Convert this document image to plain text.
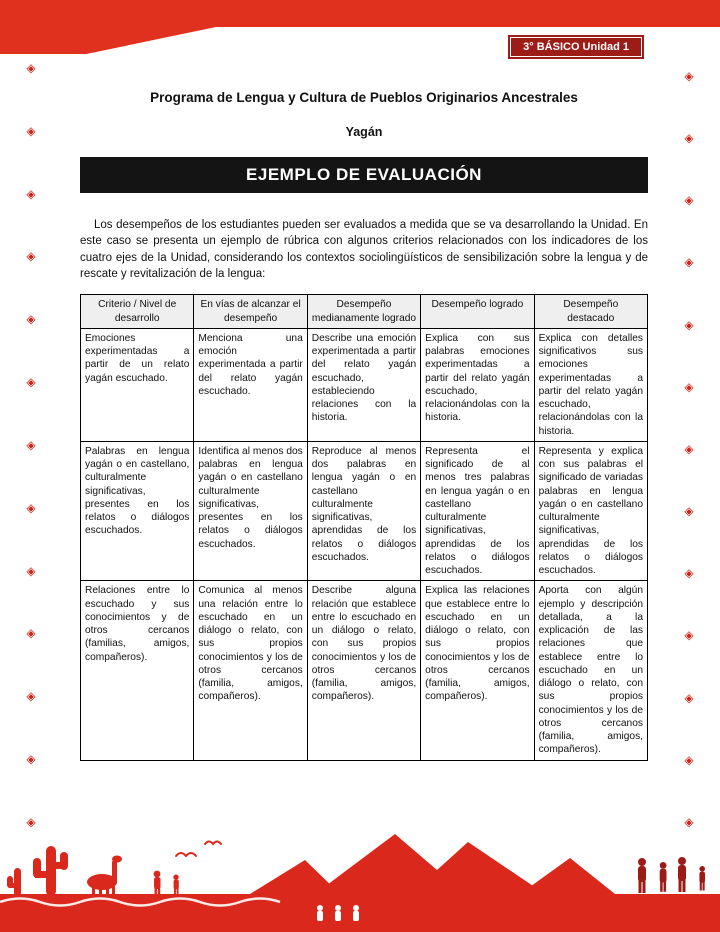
3° BÁSICO Unidad 1
◈
◈
◈
◈
◈
◈
◈
◈
◈
◈
◈
◈
◈
◈
◈
◈
◈
◈
◈
◈
◈
◈
◈
◈
◈
◈
Programa de Lengua y Cultura de Pueblos Originarios Ancestrales
Yagán
EJEMPLO DE EVALUACIÓN

Los desempeños de los estudiantes pueden ser evaluados a medida que se va desarrollando la Unidad. En este caso se presenta un ejemplo de rúbrica con algunos criterios relacionados con los indicadores de los cuatro ejes de la Unidad, considerando los contextos sociolingüísticos de sensibilización sobre la lengua y de rescate y revitalización de la lengua:

Criterio / Nivel de desarrollo	En vías de alcanzar el desempeño	Desempeño medianamente logrado	Desempeño logrado	Desempeño destacado
Emociones experimentadas a partir de un relato yagán escuchado.	Menciona una emoción experimentada a partir del relato yagán escuchado.	Describe una emoción experimentada a partir del relato yagán escuchado, estableciendo relaciones con la historia.	Explica con sus palabras emociones experimentadas a partir del relato yagán escuchado, relacionándolas con la historia.	Explica con detalles significativos sus emociones experimentadas a partir del relato yagán escuchado, relacionándolas con la historia.
Palabras en lengua yagán o en castellano, culturalmente significativas, presentes en los relatos o diálogos escuchados.	Identifica al menos dos palabras en lengua yagán o en castellano culturalmente significativas, presentes en los relatos o diálogos escuchados.	Reproduce al menos dos palabras en lengua yagán o en castellano culturalmente significativas, aprendidas de los relatos o diálogos escuchados.	Representa el significado de al menos tres palabras en lengua yagán o en castellano culturalmente significativas, aprendidas de los relatos o diálogos escuchados.	Representa y explica con sus palabras el significado de variadas palabras en lengua yagán o en castellano culturalmente significativas, aprendidas de los relatos o diálogos escuchados.
Relaciones entre lo escuchado y sus conocimientos y de otros cercanos (familias, amigos, compañeros).	Comunica al menos una relación entre lo escuchado en un diálogo o relato, con sus propios conocimientos y los de otros cercanos (familia, amigos, compañeros).	Describe alguna relación que establece entre lo escuchado en un diálogo o relato, con sus propios conocimientos y los de otros cercanos (familia, amigos, compañeros).	Explica las relaciones que establece entre lo escuchado en un diálogo o relato, con sus propios conocimientos y los de otros cercanos (familia, amigos, compañeros).	Aporta con algún ejemplo y descripción detallada, a la explicación de las relaciones que establece entre lo escuchado en un diálogo o relato, con sus propios conocimientos y los de otros cercanos (familia, amigos, compañeros).
